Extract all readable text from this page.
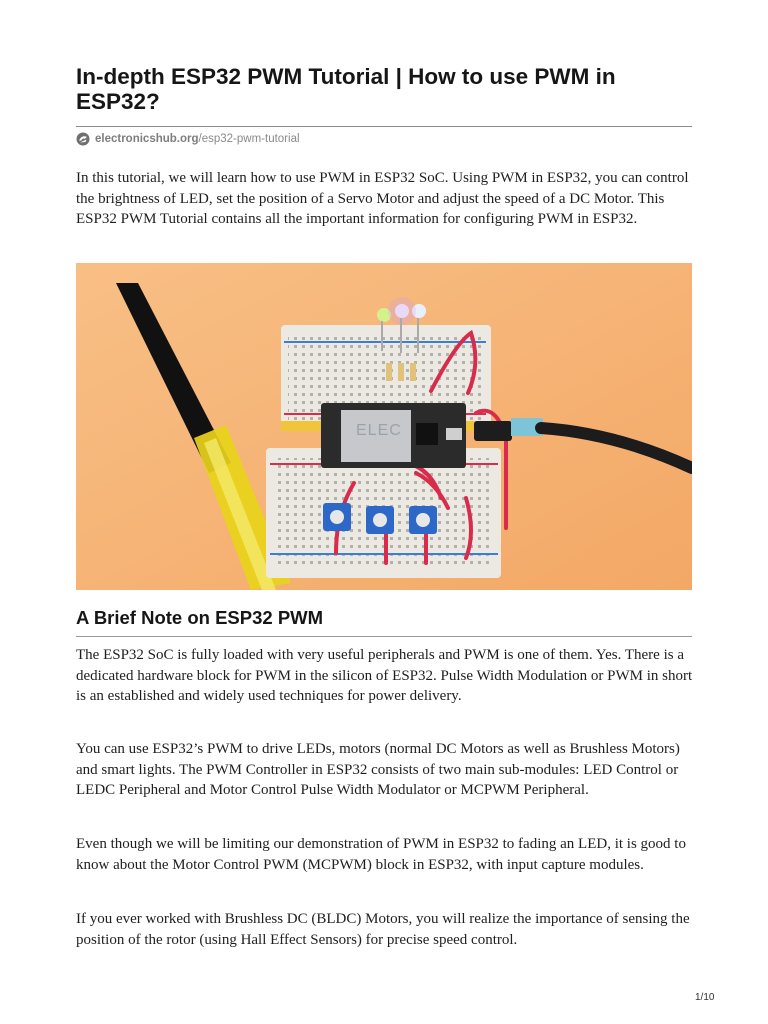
In-depth ESP32 PWM Tutorial | How to use PWM in ESP32?
electronicshub.org /esp32-pwm-tutorial

In this tutorial, we will learn how to use PWM in ESP32 SoC. Using PWM in ESP32, you can control the brightness of LED, set the position of a Servo Motor and adjust the speed of a DC Motor. This ESP32 PWM Tutorial contains all the important information for configuring PWM in ESP32.

ELEC
A Brief Note on ESP32 PWM

The ESP32 SoC is fully loaded with very useful peripherals and PWM is one of them. Yes. There is a dedicated hardware block for PWM in the silicon of ESP32. Pulse Width Modulation or PWM in short is an established and widely used techniques for power delivery.

You can use ESP32’s PWM to drive LEDs, motors (normal DC Motors as well as Brushless Motors) and smart lights. The PWM Controller in ESP32 consists of two main sub-modules: LED Control or LEDC Peripheral and Motor Control Pulse Width Modulator or MCPWM Peripheral.

Even though we will be limiting our demonstration of PWM in ESP32 to fading an LED, it is good to know about the Motor Control PWM (MCPWM) block in ESP32, with input capture modules.

If you ever worked with Brushless DC (BLDC) Motors, you will realize the importance of sensing the position of the rotor (using Hall Effect Sensors) for precise speed control.

1/10
